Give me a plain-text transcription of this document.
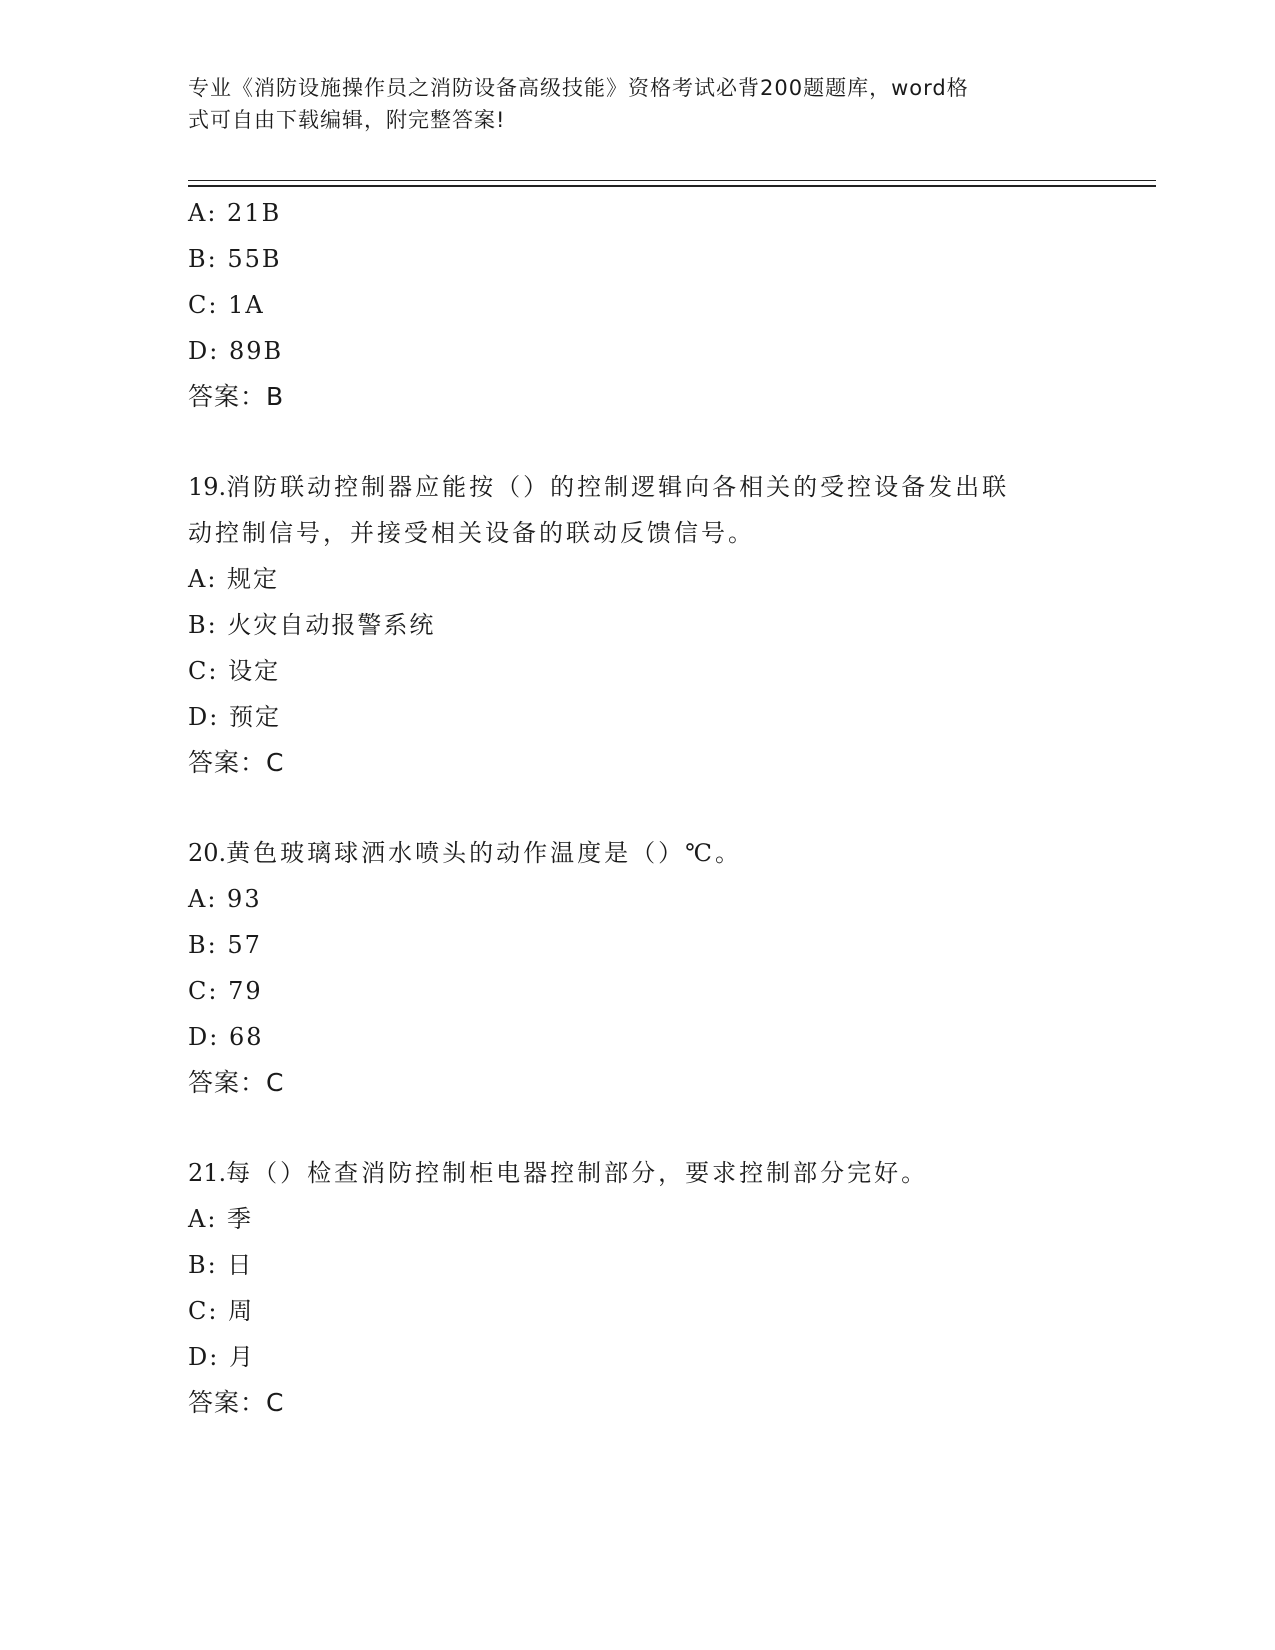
专业《消防设施操作员之消防设备高级技能》资格考试必背200题题库，word格
式可自由下载编辑，附完整答案!
A: 21B
B: 55B
C: 1A
D: 89B
答案：B
19.消防联动控制器应能按（）的控制逻辑向各相关的受控设备发出联
动控制信号，并接受相关设备的联动反馈信号。
A: 规定
B: 火灾自动报警系统
C: 设定
D: 预定
答案：C
20.黄色玻璃球洒水喷头的动作温度是（）℃。
A: 93
B: 57
C: 79
D: 68
答案：C
21.每（）检查消防控制柜电器控制部分，要求控制部分完好。
A: 季
B: 日
C: 周
D: 月
答案：C
